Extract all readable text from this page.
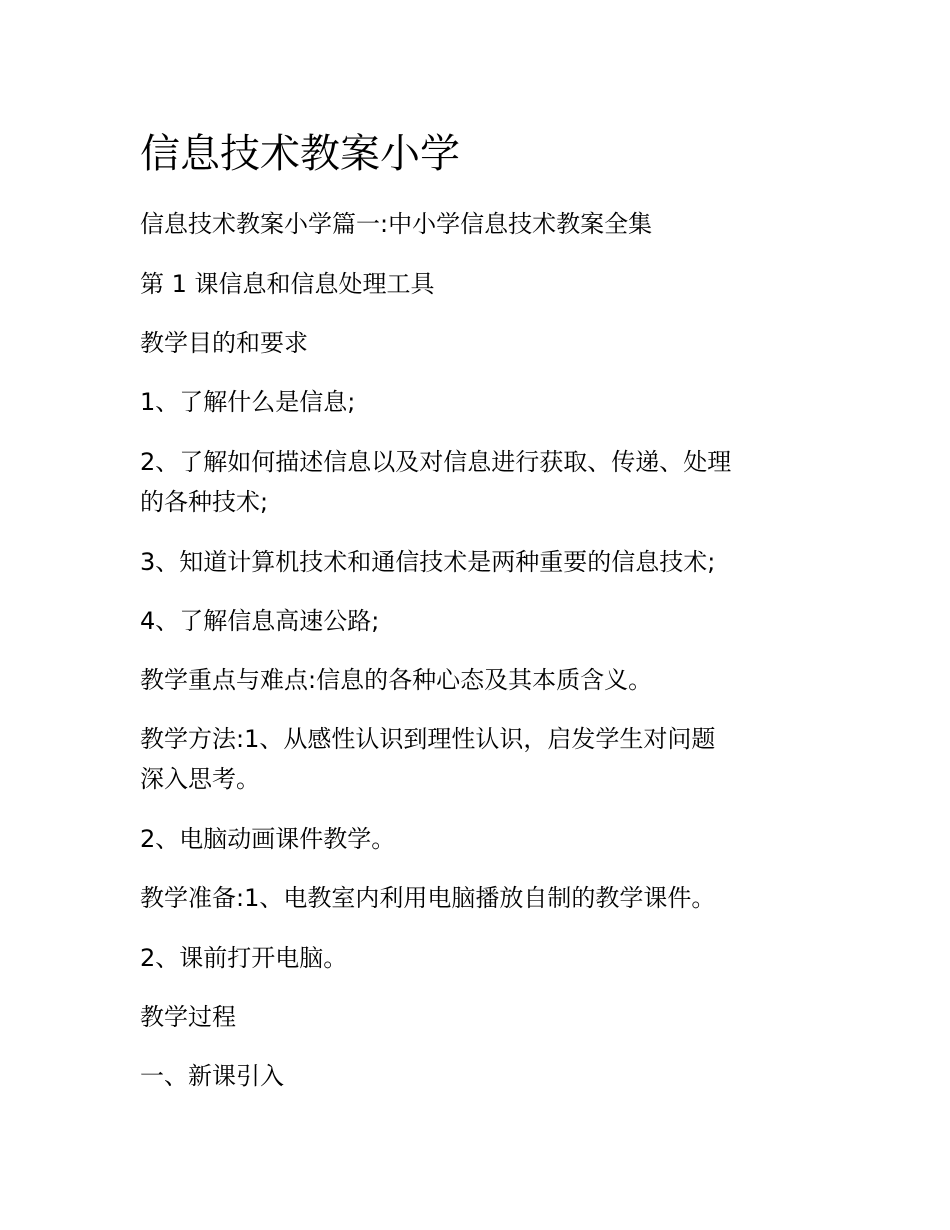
信息技术教案小学

信息技术教案小学篇一:中小学信息技术教案全集

第 1 课信息和信息处理工具

教学目的和要求

1、了解什么是信息;

2、了解如何描述信息以及对信息进行获取、传递、处理
的各种技术;

3、知道计算机技术和通信技术是两种重要的信息技术;

4、了解信息高速公路;

教学重点与难点:信息的各种心态及其本质含义。

教学方法:1、从感性认识到理性认识，启发学生对问题
深入思考。

2、电脑动画课件教学。

教学准备:1、电教室内利用电脑播放自制的教学课件。

2、课前打开电脑。

教学过程

一、新课引入
